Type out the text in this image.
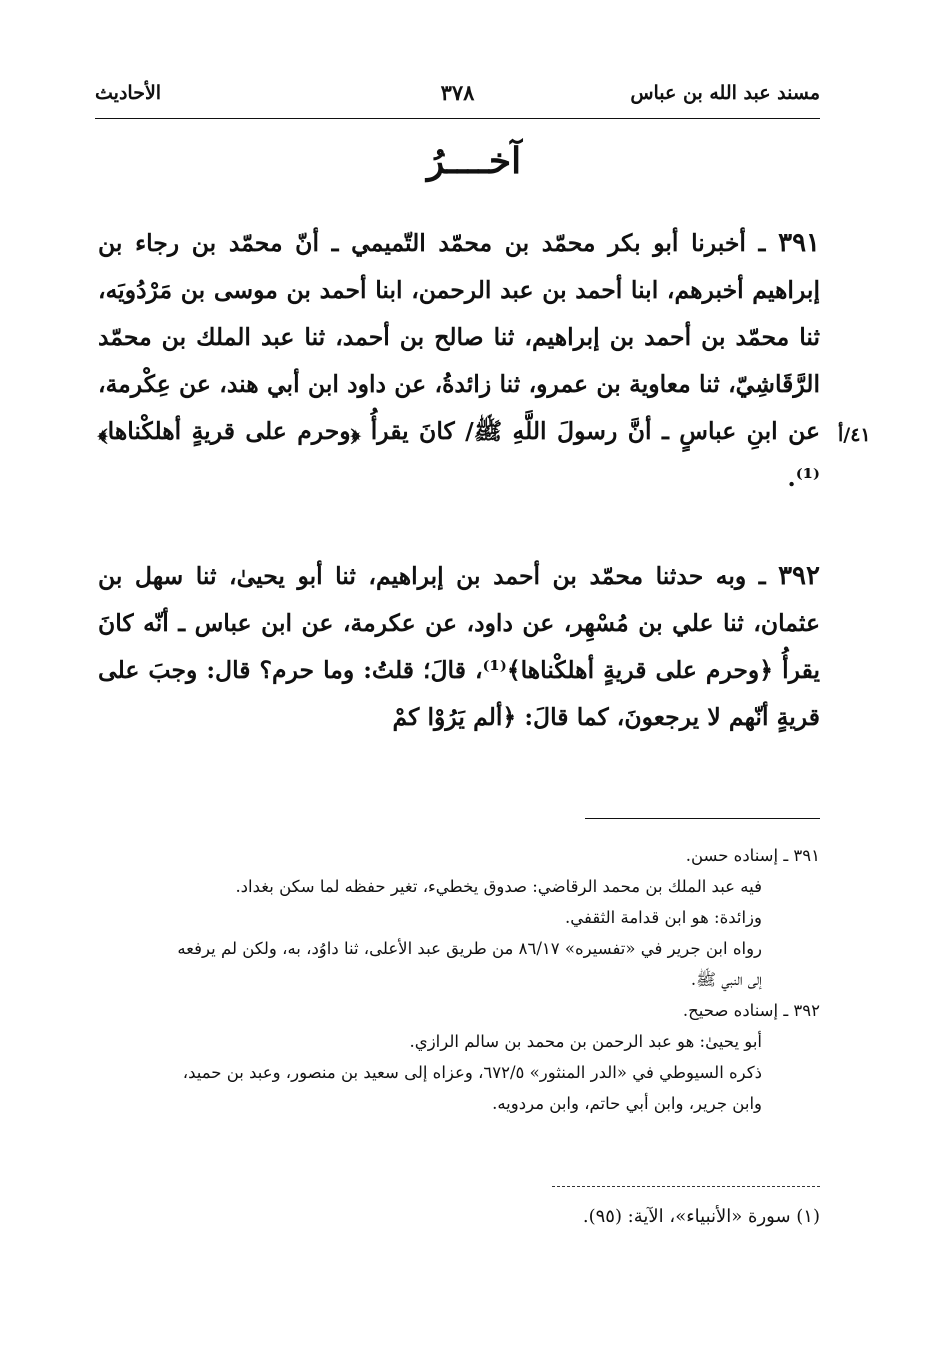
مسند عبد الله بن عباس
٣٧٨
الأحاديث
آخــــرُ
٤١/أ
٣٩١ ـ أخبرنا أبو بكر محمّد بن محمّد التّميمي ـ أنّ محمّد بن رجاء بن إبراهيم أخبرهم، ابنا أحمد بن عبد الرحمن، ابنا أحمد بن موسى بن مَرْدُويَه، ثنا محمّد بن أحمد بن إبراهيم، ثنا صالح بن أحمد، ثنا عبد الملك بن محمّد الرَّقَاشِيّ، ثنا معاوية بن عمرو، ثنا زائدةُ، عن داود ابن أبي هند، عن عِكْرمة، عن ابنِ عباسٍ ـ أنَّ رسولَ اللَّهِ ﷺ/ كانَ يقرأُ ﴿وحرم على قريةٍ أهلكْناها﴾⁽¹⁾.
٣٩٢ ـ وبه حدثنا محمّد بن أحمد بن إبراهيم، ثنا أبو يحيىٰ، ثنا سهل بن عثمان، ثنا علي بن مُسْهِر، عن داود، عن عكرمة، عن ابن عباس ـ أنّه كانَ يقرأُ ﴿وحرم على قريةٍ أهلكْناها﴾⁽¹⁾، قالَ؛ قلتُ: وما حرم؟ قال: وجبَ على قريةٍ أنّهم لا يرجعونَ، كما قالَ: ﴿ألم يَرُوْا كمْ
٣٩١ ـ إسناده حسن.
فيه عبد الملك بن محمد الرقاضي: صدوق يخطيء، تغير حفظه لما سكن بغداد.
وزائدة: هو ابن قدامة الثقفي.
رواه ابن جرير في «تفسيره» ٨٦/١٧ من طريق عبد الأعلى، ثنا داوُد، به، ولكن لم يرفعه
إلى النبي ﷺ.
٣٩٢ ـ إسناده صحيح.
أبو يحيىٰ: هو عبد الرحمن بن محمد بن سالم الرازي.
ذكره السيوطي في «الدر المنثور» ٦٧٢/٥، وعزاه إلى سعيد بن منصور، وعبد بن حميد،
وابن جرير، وابن أبي حاتم، وابن مردويه.
(١) سورة «الأنبياء»، الآية: (٩٥).
